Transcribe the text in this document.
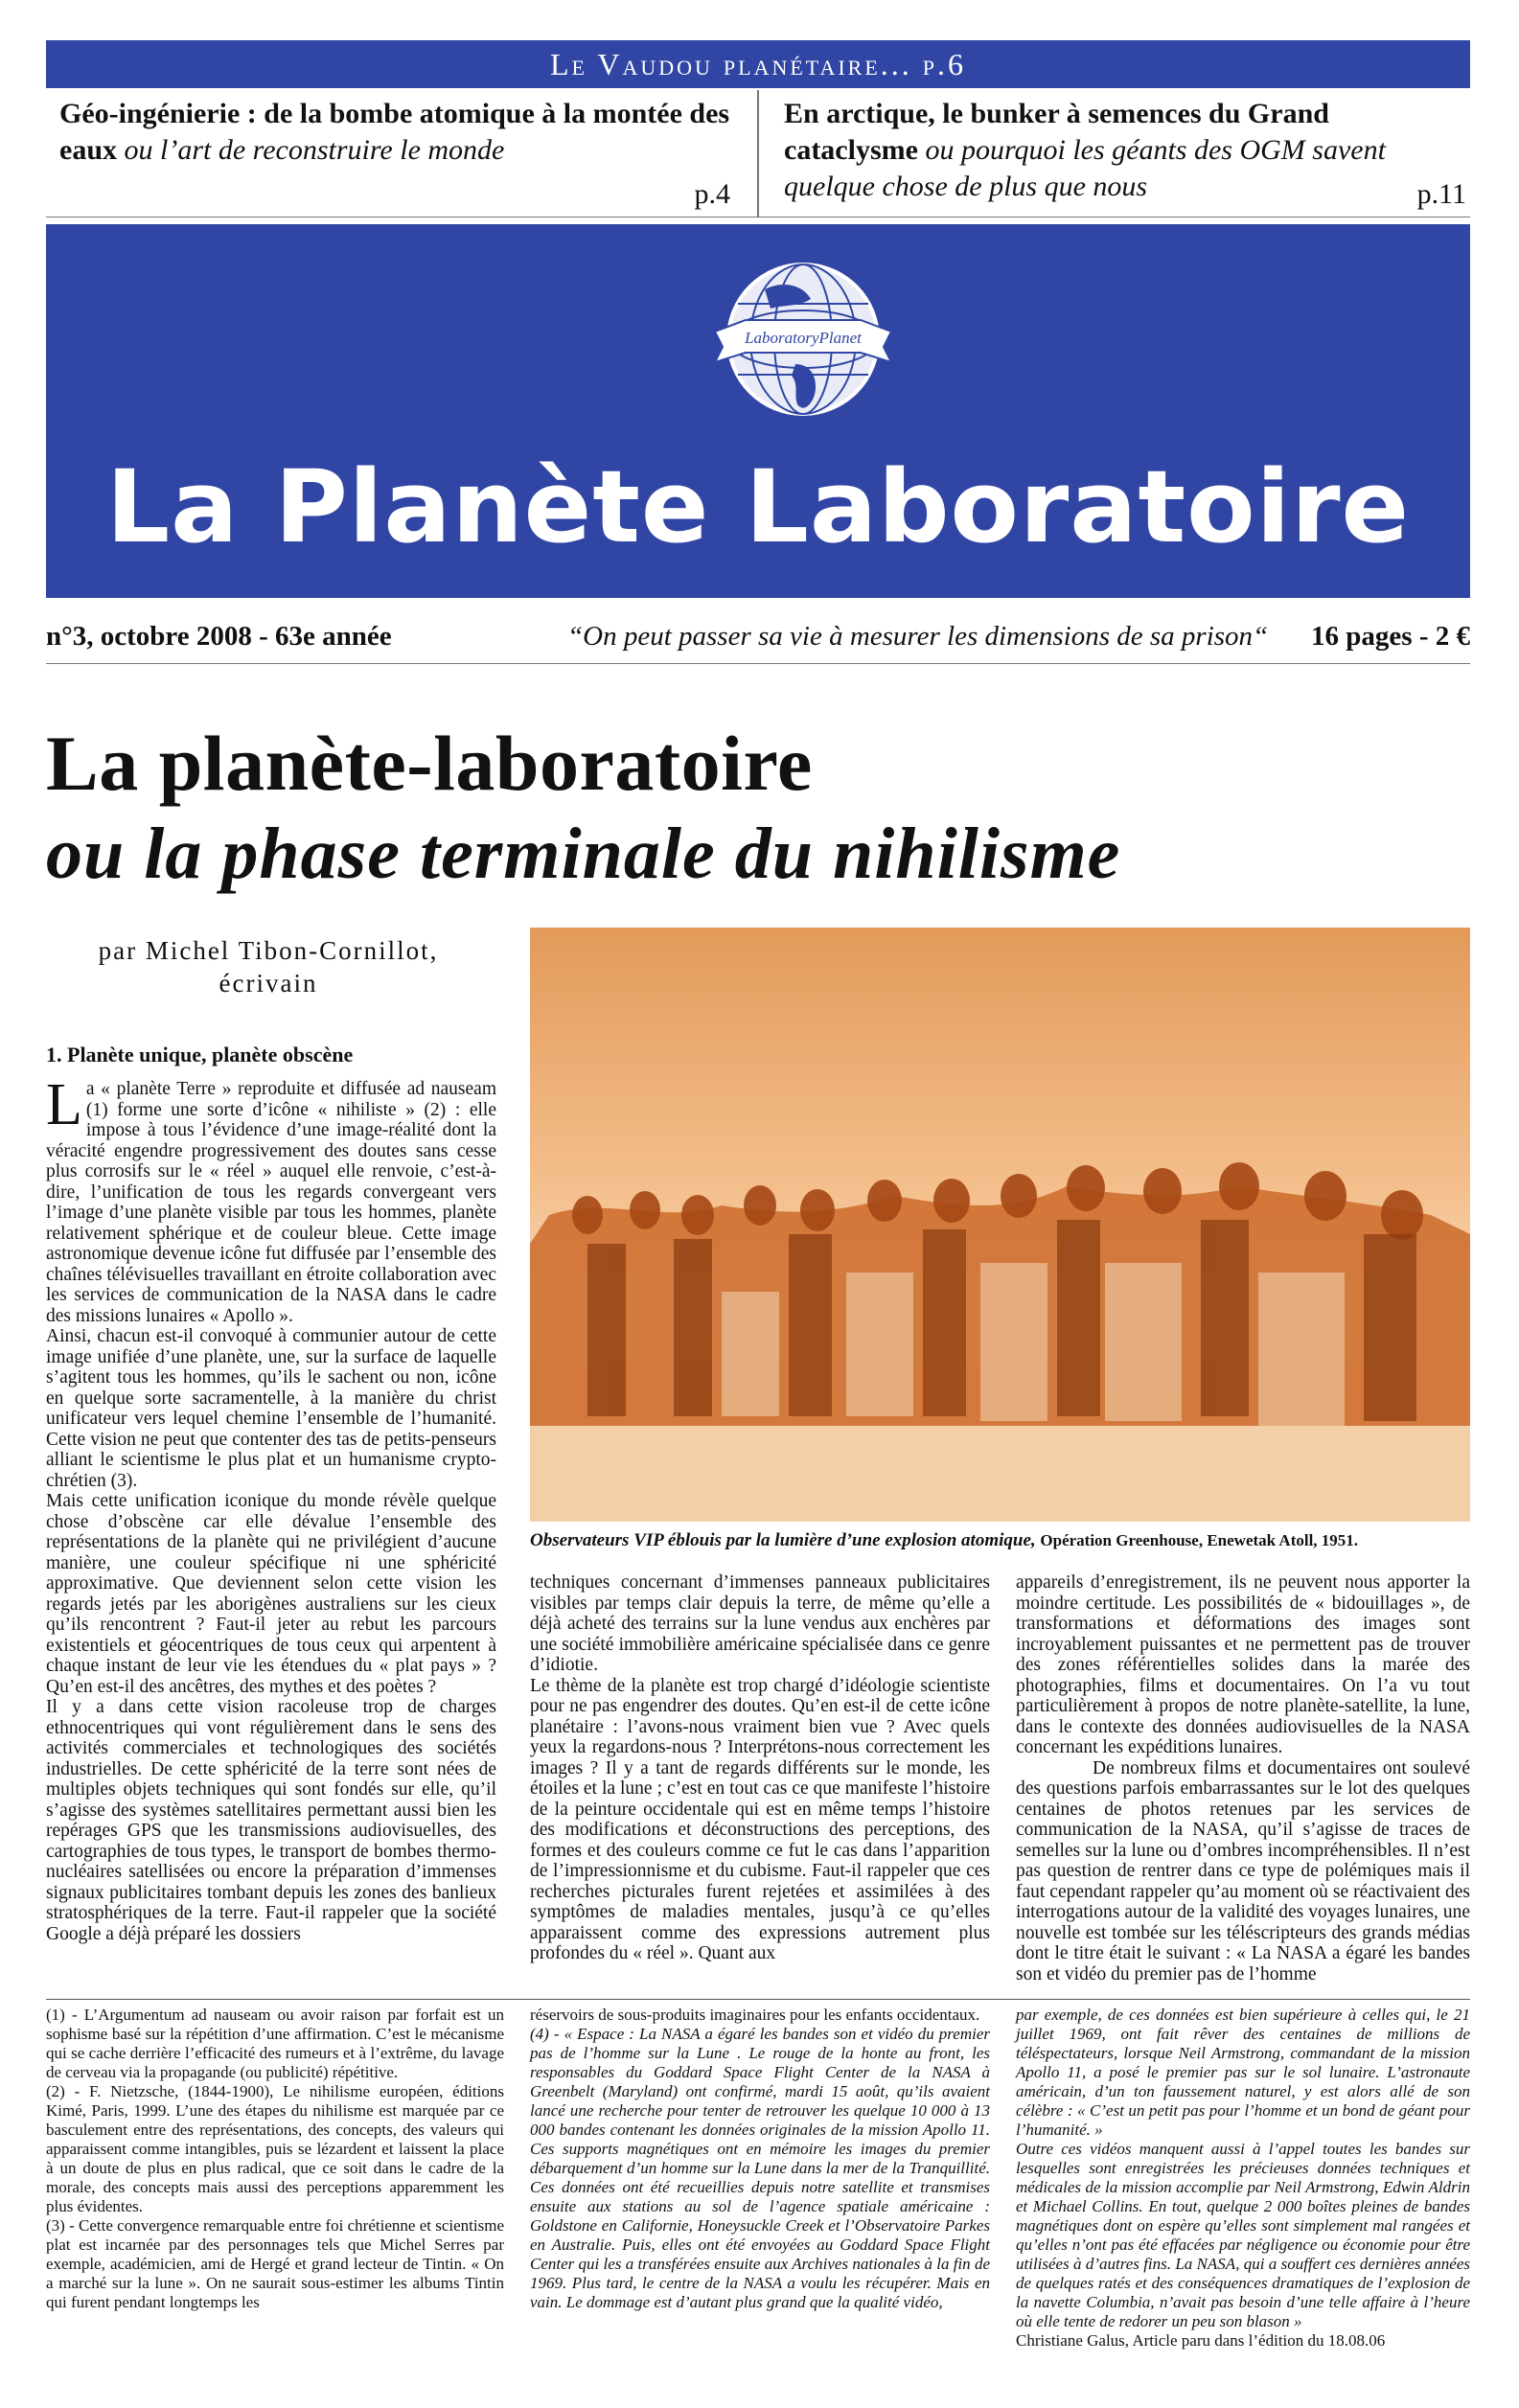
Le Vaudou planétaire... p.6
Géo-ingénierie : de la bombe atomique à la montée des eaux ou l’art de reconstruire le monde
p.4
En arctique, le bunker à semences du Grand cataclysme ou pourquoi les géants des OGM savent quelque chose de plus que nous	p.11
LaboratoryPlanet
La Planète Laboratoire
n°3, octobre 2008 - 63e année	“On peut passer sa vie à mesurer les dimensions de sa prison“ 16 pages - 2 €
La planète-laboratoire
ou la phase terminale du nihilisme
par Michel Tibon-Cornillot,
écrivain
Observateurs VIP éblouis par la lumière d’une explosion atomique, Opération Greenhouse, Enewetak Atoll, 1951.
1. Planète unique, planète obscène

La « planète Terre » reproduite et diffusée ad nauseam (1) forme une sorte d’icône « nihiliste » (2) : elle impose à tous l’évidence d’une image-réalité dont la véracité engendre progressivement des doutes sans cesse plus corrosifs sur le « réel » auquel elle renvoie, c’est-à-dire, l’unification de tous les regards convergeant vers l’image d’une planète visible par tous les hommes, planète relativement sphérique et de couleur bleue. Cette image astronomique devenue icône fut diffusée par l’ensemble des chaînes télévisuelles travaillant en étroite collaboration avec les services de communication de la NASA dans le cadre des missions lunaires « Apollo ».

Ainsi, chacun est-il convoqué à communier autour de cette image unifiée d’une planète, une, sur la surface de laquelle s’agitent tous les hommes, qu’ils le sachent ou non, icône en quelque sorte sacramentelle, à la manière du christ unificateur vers lequel chemine l’ensemble de l’humanité. Cette vision ne peut que contenter des tas de petits-penseurs alliant le scientisme le plus plat et un humanisme crypto-chrétien (3).

Mais cette unification iconique du monde révèle quelque chose d’obscène car elle dévalue l’ensemble des représentations de la planète qui ne privilégient d’aucune manière, une couleur spécifique ni une sphéricité approximative. Que deviennent selon cette vision les regards jetés par les aborigènes australiens sur les cieux qu’ils rencontrent ? Faut-il jeter au rebut les parcours existentiels et géocentriques de tous ceux qui arpentent à chaque instant de leur vie les étendues du « plat pays » ? Qu’en est-il des ancêtres, des mythes et des poètes ?

Il y a dans cette vision racoleuse trop de charges ethnocentriques qui vont régulièrement dans le sens des activités commerciales et technologiques des sociétés industrielles. De cette sphéricité de la terre sont nées de multiples objets techniques qui sont fondés sur elle, qu’il s’agisse des systèmes satellitaires permettant aussi bien les repérages GPS que les transmissions audiovisuelles, des cartographies de tous types, le transport de bombes thermo-nucléaires satellisées ou encore la préparation d’immenses signaux publicitaires tombant depuis les zones des banlieux stratosphériques de la terre. Faut-il rappeler que la société Google a déjà préparé les dossiers

techniques concernant d’immenses panneaux publicitaires visibles par temps clair depuis la terre, de même qu’elle a déjà acheté des terrains sur la lune vendus aux enchères par une société immobilière américaine spécialisée dans ce genre d’idiotie.

Le thème de la planète est trop chargé d’idéologie scientiste pour ne pas engendrer des doutes. Qu’en est-il de cette icône planétaire : l’avons-nous vraiment bien vue ? Avec quels yeux la regardons-nous ? Interprétons-nous correctement les images ? Il y a tant de regards différents sur le monde, les étoiles et la lune ; c’est en tout cas ce que manifeste l’histoire de la peinture occidentale qui est en même temps l’histoire des modifications et déconstructions des perceptions, des formes et des couleurs comme ce fut le cas dans l’apparition de l’impressionnisme et du cubisme. Faut-il rappeler que ces recherches picturales furent rejetées et assimilées à des symptômes de maladies mentales, jusqu’à ce qu’elles apparaissent comme des expressions autrement plus profondes du « réel ». Quant aux

appareils d’enregistrement, ils ne peuvent nous apporter la moindre certitude. Les possibilités de « bidouillages », de transformations et déformations des images sont incroyablement puissantes et ne permettent pas de trouver des zones référentielles solides dans la marée des photographies, films et documentaires. On l’a vu tout particulièrement à propos de notre planète-satellite, la lune, dans le contexte des données audiovisuelles de la NASA concernant les expéditions lunaires.

De nombreux films et documentaires ont soulevé des questions parfois embarrassantes sur le lot des quelques centaines de photos retenues par les services de communication de la NASA, qu’il s’agisse de traces de semelles sur la lune ou d’ombres incompréhensibles. Il n’est pas question de rentrer dans ce type de polémiques mais il faut cependant rappeler qu’au moment où se réactivaient des interrogations autour de la validité des voyages lunaires, une nouvelle est tombée sur les téléscripteurs des grands médias dont le titre était le suivant : « La NASA a égaré les bandes son et vidéo du premier pas de l’homme

(1) - L’Argumentum ad nauseam ou avoir raison par forfait est un sophisme basé sur la répétition d’une affirmation. C’est le mécanisme qui se cache derrière l’efficacité des rumeurs et à l’extrême, du lavage de cerveau via la propagande (ou publicité) répétitive.

(2) - F. Nietzsche, (1844-1900), Le nihilisme européen, éditions Kimé, Paris, 1999. L’une des étapes du nihilisme est marquée par ce basculement entre des représentations, des concepts, des valeurs qui apparaissent comme intangibles, puis se lézardent et laissent la place à un doute de plus en plus radical, que ce soit dans le cadre de la morale, des concepts mais aussi des perceptions apparemment les plus évidentes.

(3) - Cette convergence remarquable entre foi chrétienne et scientisme plat est incarnée par des personnages tels que Michel Serres par exemple, académicien, ami de Hergé et grand lecteur de Tintin. « On a marché sur la lune ». On ne saurait sous-estimer les albums Tintin qui furent pendant longtemps les

réservoirs de sous-produits imaginaires pour les enfants occidentaux.

(4) - « Espace : La NASA a égaré les bandes son et vidéo du premier pas de l’homme sur la Lune . Le rouge de la honte au front, les responsables du Goddard Space Flight Center de la NASA à Greenbelt (Maryland) ont confirmé, mardi 15 août, qu’ils avaient lancé une recherche pour tenter de retrouver les quelque 10 000 à 13 000 bandes contenant les données originales de la mission Apollo 11. Ces supports magnétiques ont en mémoire les images du premier débarquement d’un homme sur la Lune dans la mer de la Tranquillité. Ces données ont été recueillies depuis notre satellite et transmises ensuite aux stations au sol de l’agence spatiale américaine : Goldstone en Californie, Honeysuckle Creek et l’Observatoire Parkes en Australie. Puis, elles ont été envoyées au Goddard Space Flight Center qui les a transférées ensuite aux Archives nationales à la fin de 1969. Plus tard, le centre de la NASA a voulu les récupérer. Mais en vain. Le dommage est d’autant plus grand que la qualité vidéo,

par exemple, de ces données est bien supérieure à celles qui, le 21 juillet 1969, ont fait rêver des centaines de millions de téléspectateurs, lorsque Neil Armstrong, commandant de la mission Apollo 11, a posé le premier pas sur le sol lunaire. L’astronaute américain, d’un ton faussement naturel, y est alors allé de son célèbre : « C’est un petit pas pour l’homme et un bond de géant pour l’humanité. »

Outre ces vidéos manquent aussi à l’appel toutes les bandes sur lesquelles sont enregistrées les précieuses données techniques et médicales de la mission accomplie par Neil Armstrong, Edwin Aldrin et Michael Collins. En tout, quelque 2 000 boîtes pleines de bandes magnétiques dont on espère qu’elles sont simplement mal rangées et qu’elles n’ont pas été effacées par négligence ou économie pour être utilisées à d’autres fins. La NASA, qui a souffert ces dernières années de quelques ratés et des conséquences dramatiques de l’explosion de la navette Columbia, n’avait pas besoin d’une telle affaire à l’heure où elle tente de redorer un peu son blason »

Christiane Galus, Article paru dans l’édition du 18.08.06
